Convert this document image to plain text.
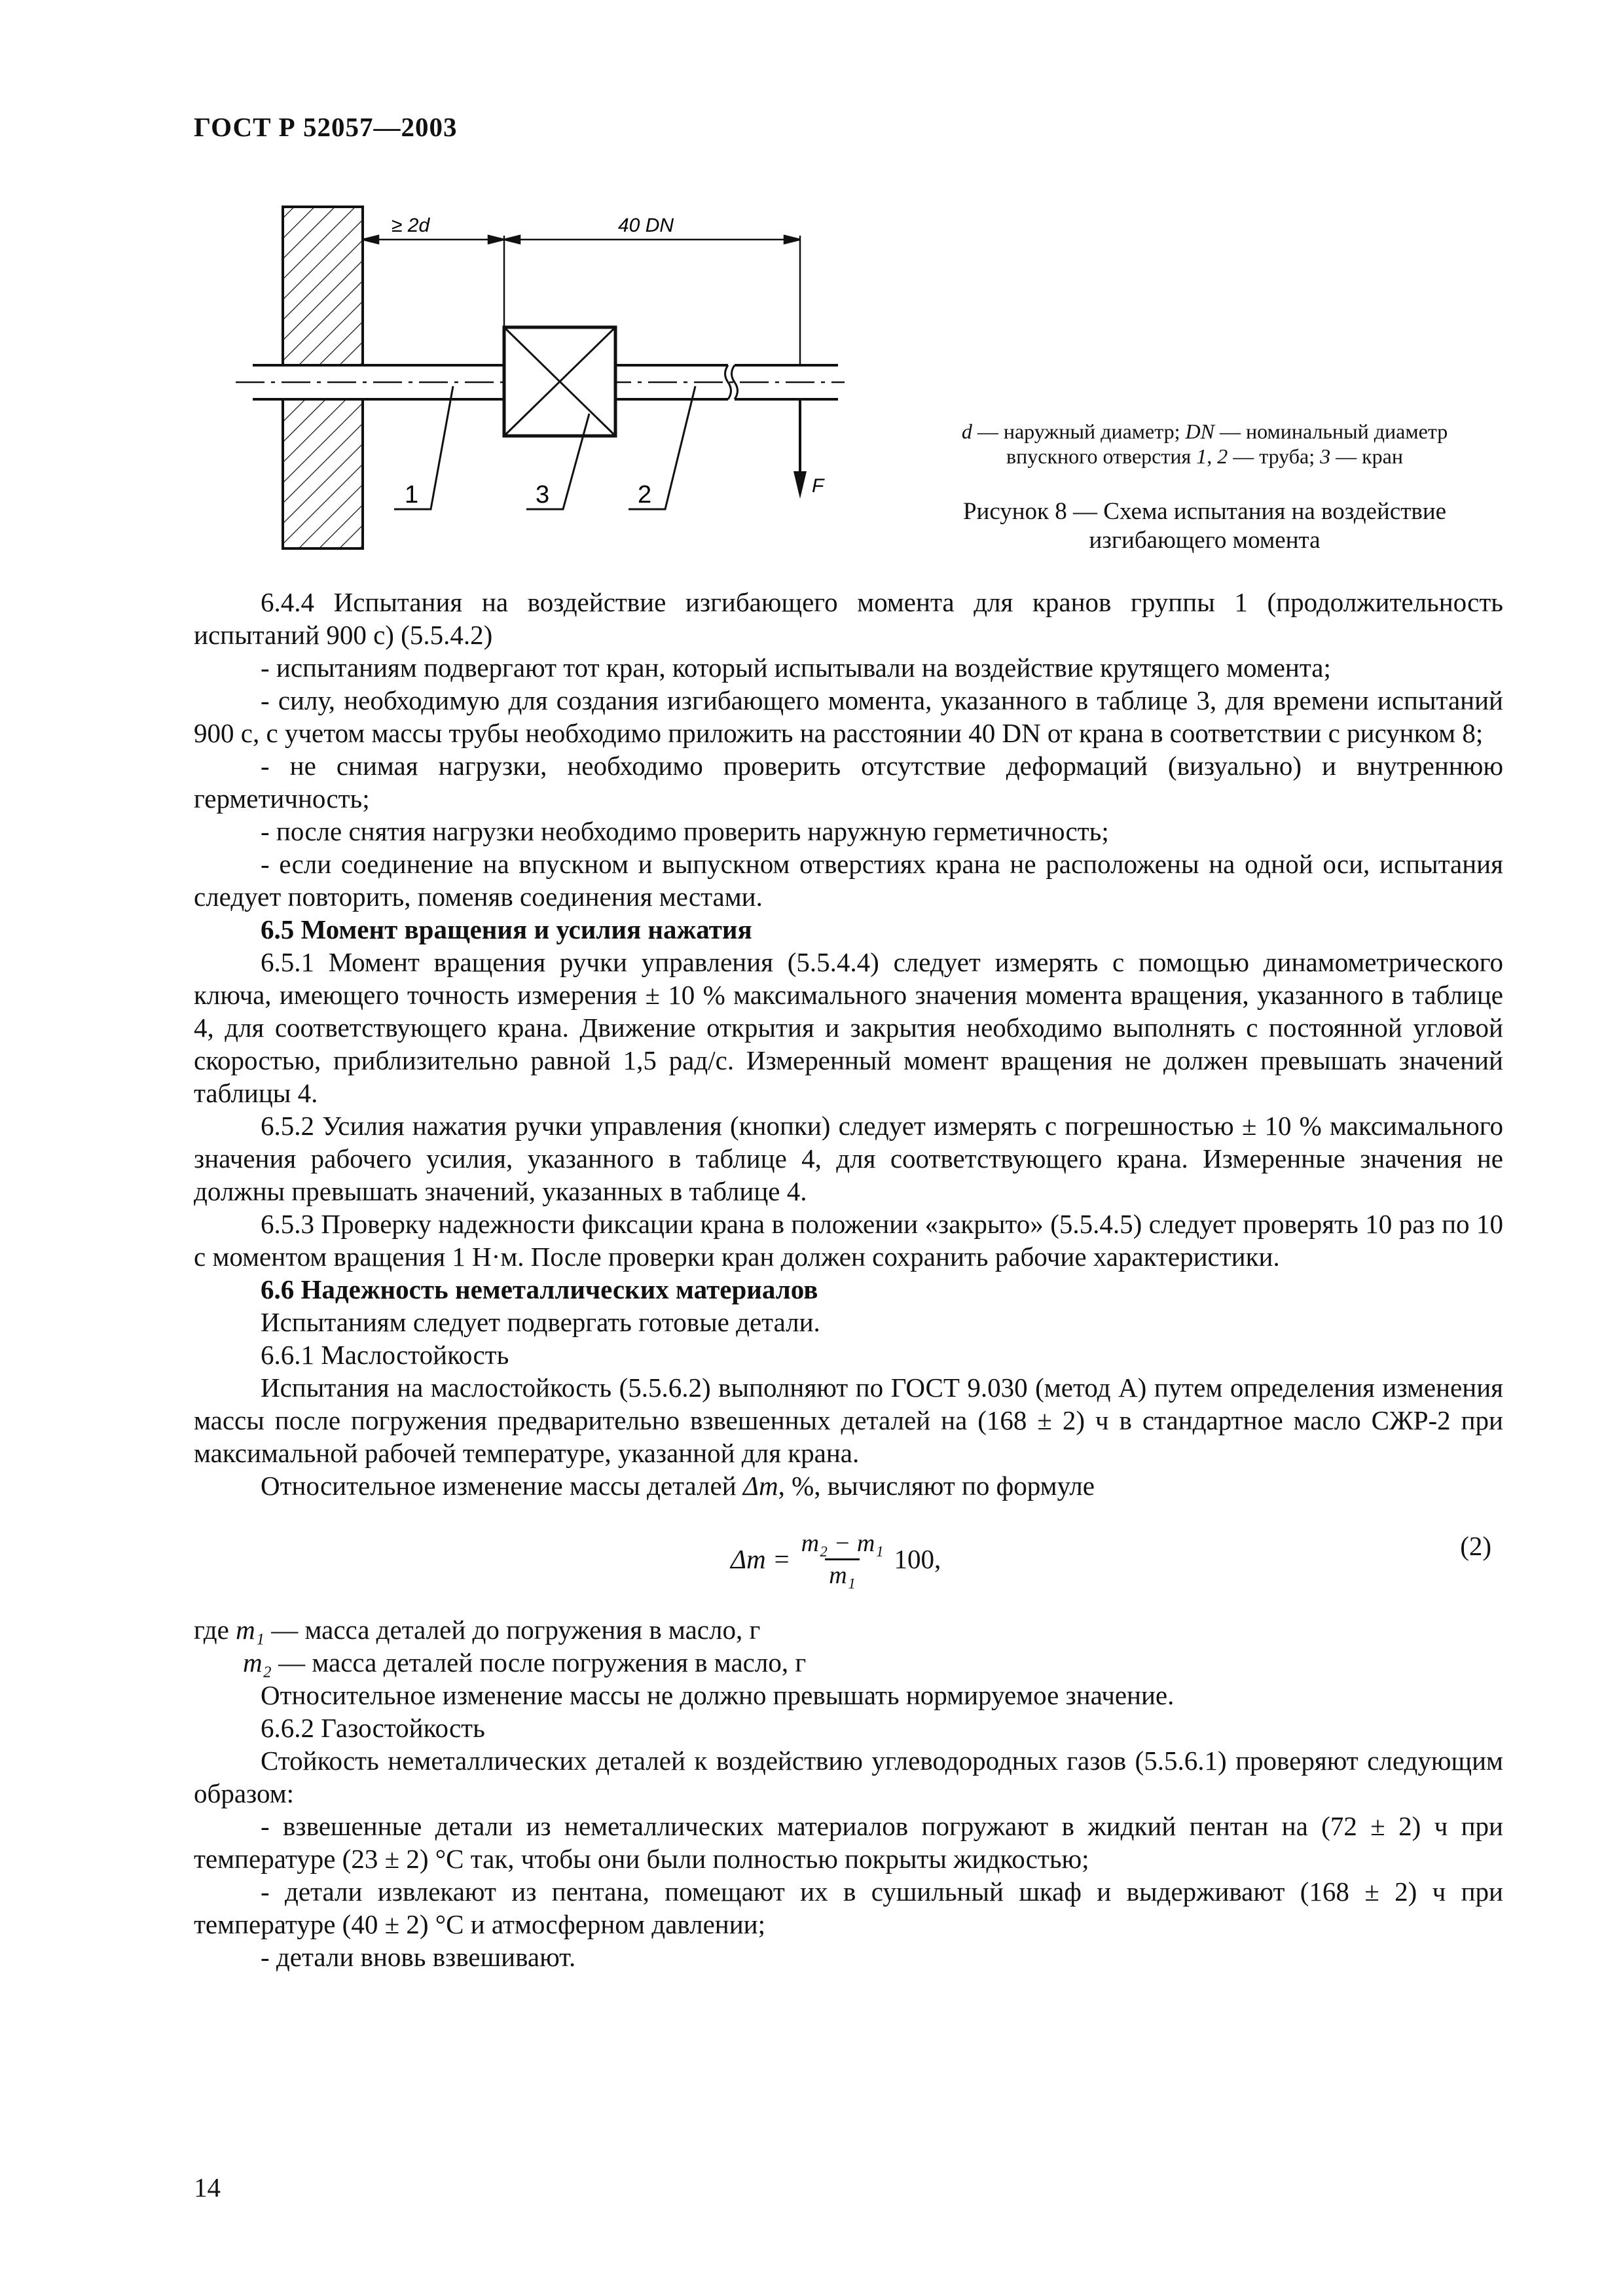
ГОСТ Р 52057—2003
≥ 2d	40 DN
F
1	3	2
d — наружный диаметр; DN — номинальный диаметр
впускного отверстия 1, 2 — труба; 3 — кран
Рисунок 8 — Схема испытания на воздействие
изгибающего момента

6.4.4 Испытания на воздействие изгибающего момента для кранов группы 1 (продолжительность испытаний 900 с) (5.5.4.2)

- испытаниям подвергают тот кран, который испытывали на воздействие крутящего момента;

- силу, необходимую для создания изгибающего момента, указанного в таблице 3, для времени испытаний 900 с, с учетом массы трубы необходимо приложить на расстоянии 40 DN от крана в соответствии с рисунком 8;

- не снимая нагрузки, необходимо проверить отсутствие деформаций (визуально) и внутреннюю герметичность;

- после снятия нагрузки необходимо проверить наружную герметичность;

- если соединение на впускном и выпускном отверстиях крана не расположены на одной оси, испытания следует повторить, поменяв соединения местами.

6.5 Момент вращения и усилия нажатия

6.5.1 Момент вращения ручки управления (5.5.4.4) следует измерять с помощью динамометрического ключа, имеющего точность измерения ± 10 % максимального значения момента вращения, указанного в таблице 4, для соответствующего крана. Движение открытия и закрытия необходимо выполнять с постоянной угловой скоростью, приблизительно равной 1,5 рад/с. Измеренный момент вращения не должен превышать значений таблицы 4.

6.5.2 Усилия нажатия ручки управления (кнопки) следует измерять с погрешностью ± 10 % максимального значения рабочего усилия, указанного в таблице 4, для соответствующего крана. Измеренные значения не должны превышать значений, указанных в таблице 4.

6.5.3 Проверку надежности фиксации крана в положении «закрыто» (5.5.4.5) следует проверять 10 раз по 10 с моментом вращения 1 Н·м. После проверки кран должен сохранить рабочие характеристики.

6.6 Надежность неметаллических материалов

Испытаниям следует подвергать готовые детали.

6.6.1 Маслостойкость

Испытания на маслостойкость (5.5.6.2) выполняют по ГОСТ 9.030 (метод А) путем определения изменения массы после погружения предварительно взвешенных деталей на (168 ± 2) ч в стандартное масло СЖР-2 при максимальной рабочей температуре, указанной для крана.

Относительное изменение массы деталей Δm, %, вычисляют по формуле

$\Delta m = \frac{\text{m₂ − m₁}}{\text{m₁}} 100$,	(2)

где m₁ — масса деталей до погружения в масло, г

m₂ — масса деталей после погружения в масло, г

Относительное изменение массы не должно превышать нормируемое значение.

6.6.2 Газостойкость

Стойкость неметаллических деталей к воздействию углеводородных газов (5.5.6.1) проверяют следующим образом:

- взвешенные детали из неметаллических материалов погружают в жидкий пентан на (72 ± 2) ч при температуре (23 ± 2) °С так, чтобы они были полностью покрыты жидкостью;

- детали извлекают из пентана, помещают их в сушильный шкаф и выдерживают (168 ± 2) ч при температуре (40 ± 2) °С и атмосферном давлении;

- детали вновь взвешивают.

14
